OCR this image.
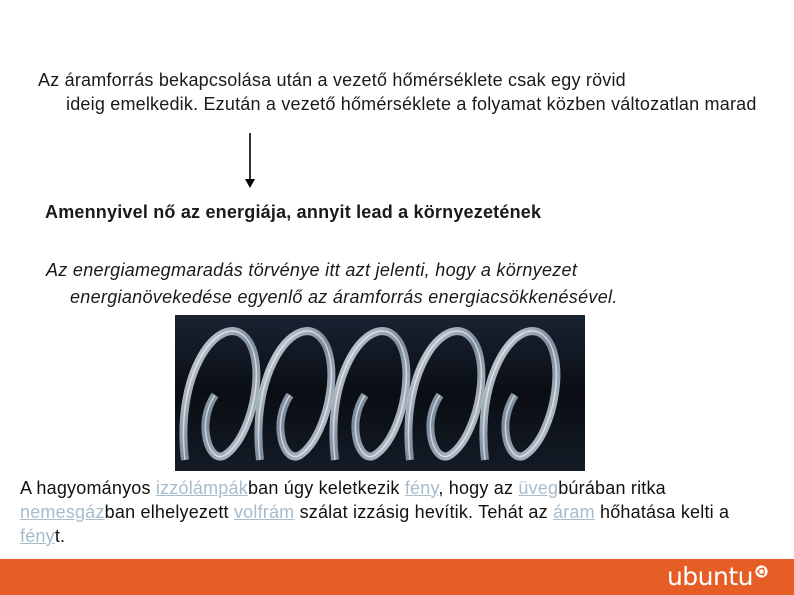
Az áramforrás bekapcsolása után a vezető hőmérséklete csak egy rövid
ideig emelkedik. Ezután a vezető hőmérséklete a folyamat közben változatlan marad
Amennyivel nő az energiája, annyit lead a környezetének
Az energiamegmaradás törvénye itt azt jelenti, hogy a környezet
energianövekedése egyenlő az áramforrás energiacsökkenésével.
A hagyományos izzólámpákban úgy keletkezik fény, hogy az üvegbúrában ritka nemesgázban elhelyezett volfrám szálat izzásig hevítik. Tehát az áram hőhatása kelti a fényt.
ubuntu
